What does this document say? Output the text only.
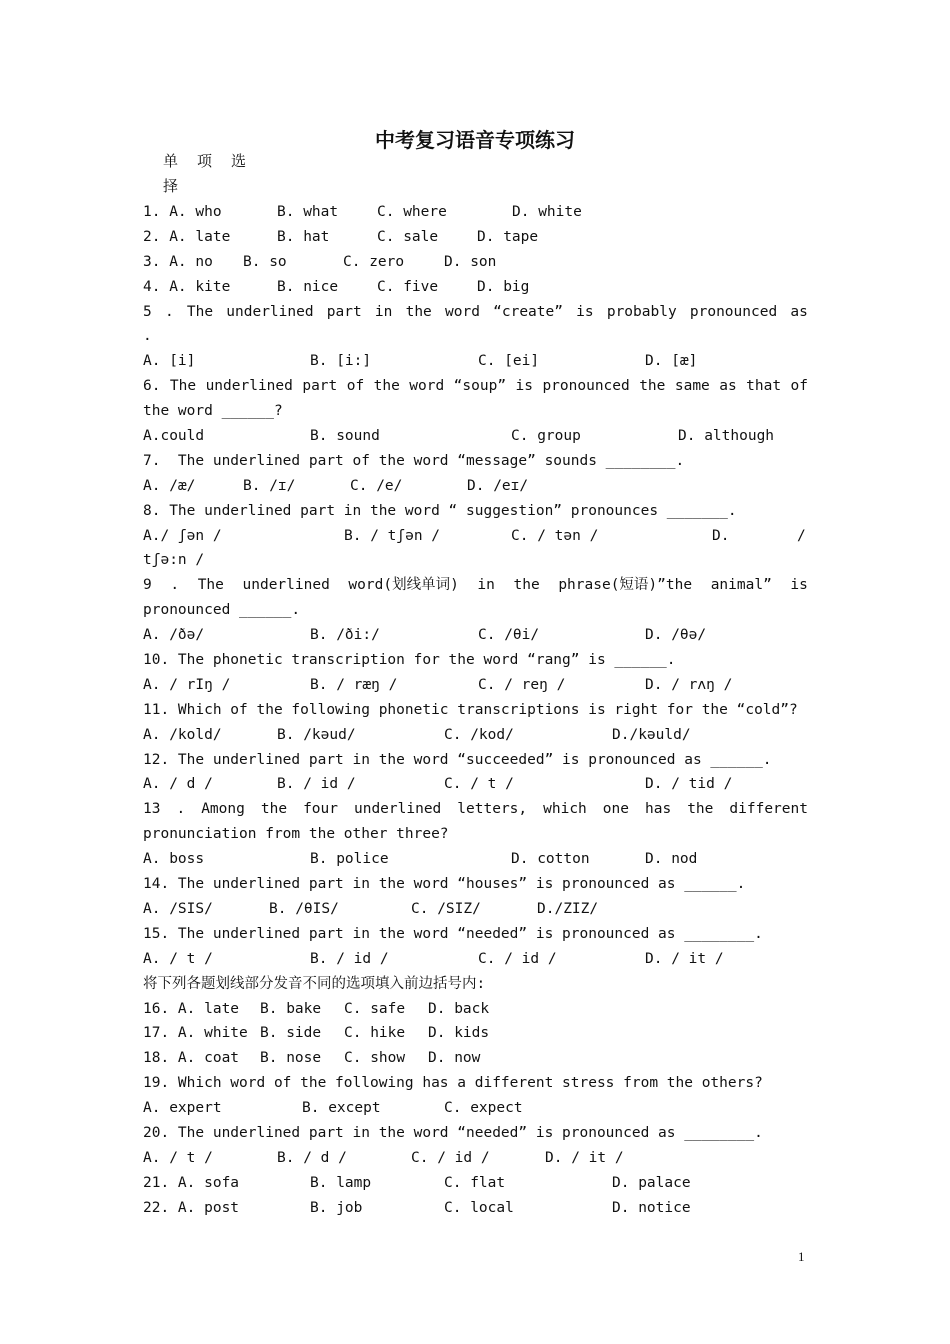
中考复习语音专项练习
单 项 选
择
1. A. who	B. what	C. where	D. white
2. A. late	B. hat	C. sale	D. tape
3. A. no B. so	C. zero	D. son
4. A. kite	B. nice	C. five	D. big
5 . The underlined part in the word “create” is probably pronounced as
.
A. [i]	B. [i:]	C. [ei]	D. [æ]
6. The underlined part of the word “soup” is pronounced the same as that of
the word ______?
A.could	B. sound	C. group	D. although
7.  The underlined part of the word “message” sounds ________.
A. /æ/	B. /ɪ/	C. /e/	D. /eɪ/
8. The underlined part in the word “ suggestion” pronounces _______.
A./ ʃən /	B. / tʃən /	C. / tən /	D.	/
tʃə:n /
9 . The underlined word(划线单词) in the phrase(短语)”the animal” is
pronounced ______.
A. /ðə/	B. /ði:/	C. /θi/	D. /θə/
10. The phonetic transcription for the word “rang” is ______.
A. / rIŋ /	B. / ræŋ /	C. / reŋ /	D. / rʌŋ /
11. Which of the following phonetic transcriptions is right for the “cold”?
A. /kold/	B. /kəud/	C. /kod/	D./kəuld/
12. The underlined part in the word “succeeded” is pronounced as ______.
A. / d /	B. / id /	C. / t /	D. / tid /
13 . Among the four underlined letters, which one has the different
pronunciation from the other three?
A. boss	B. police	D. cotton	D. nod
14. The underlined part in the word “houses” is pronounced as ______.
A. /SIS/	B. /θIS/	C. /SIZ/	D./ZIZ/
15. The underlined part in the word “needed” is pronounced as ________.
A. / t /	B. / id /	C. / id /	D. / it /
将下列各题划线部分发音不同的选项填入前边括号内:
16. A. late B. bake C. safe D. back
17. A. white B. side C. hike D. kids
18. A. coat B. nose C. show D. now
19. Which word of the following has a different stress from the others?
A. expert	B. except	C. expect
20. The underlined part in the word “needed” is pronounced as ________.
A. / t /	B. / d /	C. / id /	D. / it /
21. A. sofa	B. lamp	C. flat	D. palace
22. A. post	B. job	C. local	D. notice
1
